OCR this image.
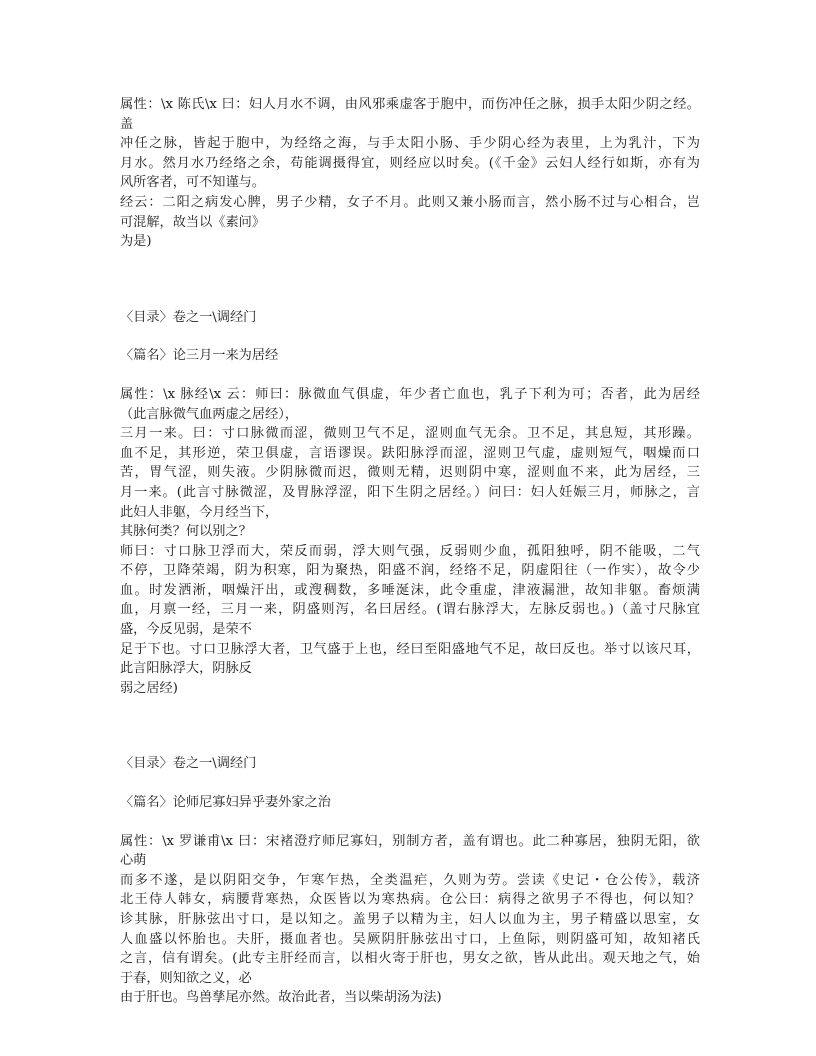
属性：\x 陈氏\x 曰：妇人月水不调，由风邪乘虚客于胞中，而伤冲任之脉，损手太阳少阴之经。
盖
冲任之脉，皆起于胞中，为经络之海，与手太阳小肠、手少阴心经为表里，上为乳汁，下为
月水。然月水乃经络之余，苟能调摄得宜，则经应以时矣。(《千金》云妇人经行如斯，亦有为
风所客者，可不知谨与。
经云：二阳之病发心脾，男子少精，女子不月。此则又兼小肠而言，然小肠不过与心相合，岂
可混解，故当以《素问》
为是)
〈目录〉卷之一\调经门
〈篇名〉论三月一来为居经
属性：\x 脉经\x 云：师曰：脉微血气俱虚，年少者亡血也，乳子下利为可；否者，此为居经
（此言脉微气血两虚之居经），
三月一来。曰：寸口脉微而涩，微则卫气不足，涩则血气无余。卫不足，其息短，其形躁。
血不足，其形逆，荣卫俱虚，言语谬误。趺阳脉浮而涩，涩则卫气虚，虚则短气，咽燥而口
苦，胃气涩，则失液。少阴脉微而迟，微则无精，迟则阴中寒，涩则血不来，此为居经，三
月一来。(此言寸脉微涩，及胃脉浮涩，阳下生阴之居经。）问曰：妇人妊娠三月，师脉之，言
此妇人非躯，今月经当下，
其脉何类？何以别之？
师曰：寸口脉卫浮而大，荣反而弱，浮大则气强，反弱则少血，孤阳独呼，阴不能吸，二气
不停，卫降荣竭，阴为积寒，阳为聚热，阳盛不润，经络不足，阴虚阳往（一作实），故令少
血。时发洒淅，咽燥汗出，或溲稠数，多唾涎沫，此令重虚，津液漏泄，故知非躯。畜烦满
血，月禀一经，三月一来，阴盛则泻，名曰居经。(谓右脉浮大，左脉反弱也。)（盖寸尺脉宜
盛，今反见弱，是荣不
足于下也。寸口卫脉浮大者，卫气盛于上也，经曰至阳盛地气不足，故曰反也。举寸以该尺耳，
此言阳脉浮大，阴脉反
弱之居经)
〈目录〉卷之一\调经门
〈篇名〉论师尼寡妇异乎妻外家之治
属性：\x 罗谦甫\x 曰：宋褚澄疗师尼寡妇，别制方者，盖有谓也。此二种寡居，独阴无阳，欲
心萌
而多不遂，是以阴阳交争，乍寒乍热，全类温疟，久则为劳。尝读《史记・仓公传》，载济
北王侍人韩女，病腰背寒热，众医皆以为寒热病。仓公曰：病得之欲男子不得也，何以知？
诊其脉，肝脉弦出寸口，是以知之。盖男子以精为主，妇人以血为主，男子精盛以思室，女
人血盛以怀胎也。夫肝，摄血者也。吴厥阴肝脉弦出寸口，上鱼际，则阴盛可知，故知褚氏
之言，信有谓矣。(此专主肝经而言，以相火寄于肝也，男女之欲，皆从此出。观天地之气，始
于春，则知欲之义，必
由于肝也。鸟兽孳尾亦然。故治此者，当以柴胡汤为法)
